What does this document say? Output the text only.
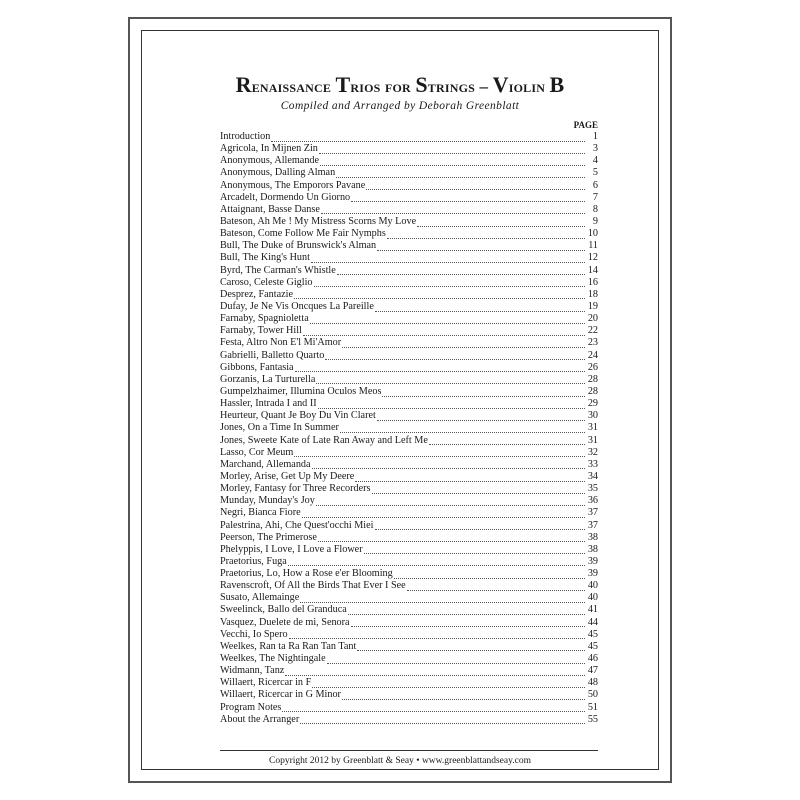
Renaissance Trios for Strings – Violin B
Compiled and Arranged by Deborah Greenblatt
PAGE
Introduction	1
Agricola, In Mijnen Zin	3
Anonymous, Allemande	4
Anonymous, Dalling Alman	5
Anonymous, The Emporors Pavane	6
Arcadelt, Dormendo Un Giorno	7
Attaignant, Basse Danse	8
Bateson, Ah Me ! My Mistress Scorns My Love	9
Bateson, Come Follow Me Fair Nymphs	10
Bull, The Duke of Brunswick's Alman	11
Bull, The King's Hunt	12
Byrd, The Carman's Whistle	14
Caroso, Celeste Giglio	16
Desprez, Fantazie	18
Dufay, Je Ne Vis Oncques La Pareille	19
Farnaby, Spagnioletta	20
Farnaby, Tower Hill	22
Festa, Altro Non E'l Mi'Amor	23
Gabrielli, Balletto Quarto	24
Gibbons, Fantasia	26
Gorzanis, La Turturella	28
Gumpelzhaimer, Illumina Oculos Meos	28
Hassler, Intrada I and II	29
Heurteur, Quant Je Boy Du Vin Claret	30
Jones, On a Time In Summer	31
Jones, Sweete Kate of Late Ran Away and Left Me	31
Lasso, Cor Meum	32
Marchand, Allemanda	33
Morley, Arise, Get Up My Deere	34
Morley, Fantasy for Three Recorders	35
Munday, Munday's Joy	36
Negri, Bianca Fiore	37
Palestrina, Ahi, Che Quest'occhi Miei	37
Peerson, The Primerose	38
Phelyppis, I Love, I Love a Flower	38
Praetorius, Fuga	39
Praetorius, Lo, How a Rose e'er Blooming	39
Ravenscroft, Of All the Birds That Ever I See	40
Susato, Allemainge	40
Sweelinck, Ballo del Granduca	41
Vasquez, Duelete de mi, Senora	44
Vecchi, Io Spero	45
Weelkes, Ran ta Ra Ran Tan Tant	45
Weelkes, The Nightingale	46
Widmann, Tanz	47
Willaert, Ricercar in F	48
Willaert, Ricercar in G Minor	50
Program Notes	51
About the Arranger	55
Copyright 2012 by Greenblatt & Seay • www.greenblattandseay.com
